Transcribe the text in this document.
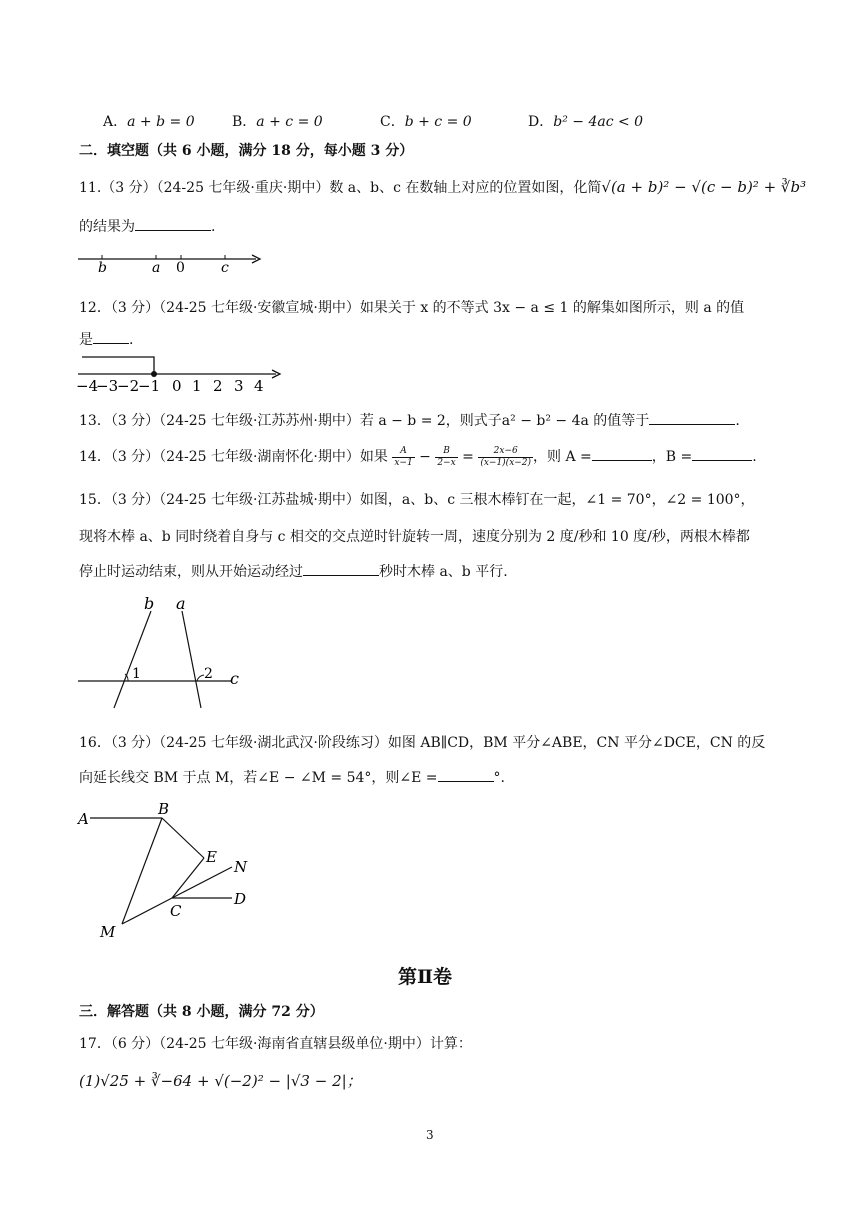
A．a + b = 0	B．a + c = 0	C．b + c = 0	D．b² − 4ac < 0
二．填空题（共 6 小题，满分 18 分，每小题 3 分）
11.（3 分）（24-25 七年级·重庆·期中）数 a、b、c 在数轴上对应的位置如图，化简√(a + b)² − √(c − b)² + ∛b³
的结果为	.
b	a 0	c
12．（3 分）（24-25 七年级·安徽宣城·期中）如果关于 x 的不等式 3x − a ≤ 1 的解集如图所示，则 a 的值
是	.
−4
−3
−2
−1 0 1 2 3 4
13．（3 分）（24-25 七年级·江苏苏州·期中）若 a − b = 2，则式子a² − b² − 4a 的值等于	.
14．（3 分）（24-25 七年级·湖南怀化·期中）如果 $\frac{A}{x-1} - \frac{B}{2-x} = \frac{2x-6}{(x-1)(x-2)}$ ，则 A =	，B =	.
15．（3 分）（24-25 七年级·江苏盐城·期中）如图，a、b、c 三根木棒钉在一起，∠1 = 70°，∠2 = 100°，
现将木棒 a、b 同时绕着自身与 c 相交的交点逆时针旋转一周，速度分别为 2 度/秒和 10 度/秒，两根木棒都
停止时运动结束，则从开始运动经过	秒时木棒 a、b 平行.
b a
1	2 c
16．（3 分）（24-25 七年级·湖北武汉·阶段练习）如图 AB∥CD，BM 平分∠ABE，CN 平分∠DCE，CN 的反
向延长线交 BM 于点 M，若∠E − ∠M = 54°，则∠E =	°.
A
B
E
N
C
D
M
第Ⅱ卷
三．解答题（共 8 小题，满分 72 分）
17．（6 分）（24-25 七年级·海南省直辖县级单位·期中）计算：
(1)√25 + ∛−64 + √(−2)² − |√3 − 2|；
3
